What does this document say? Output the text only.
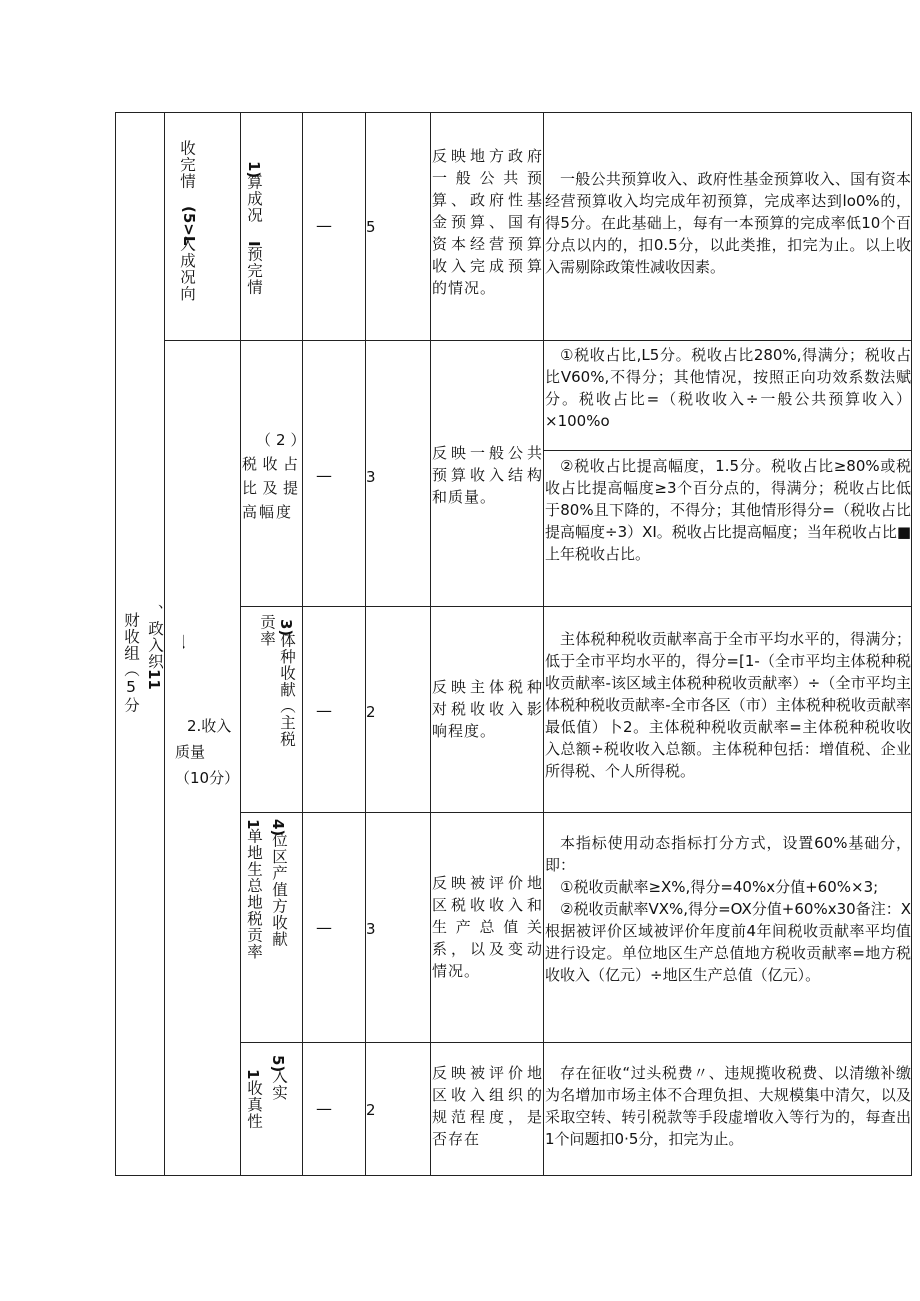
一
财收组（5分 、政入织
11
收完情
(5>L
入成况向
1)
算成况
I
预完情
— 5
反映地方政府一般公共预算、政府性基金预算、国有资本经营预算收入完成预算的情况。
一般公共预算收入、政府性基金预算收入、国有资本经营预算收入均完成年初预算，完成率达到lo0%的，得5分。在此基础上，每有一本预算的完成率低10个百分点以内的，扣0.5分，以此类推，扣完为止。以上收入需剔除政策性减收因素。
2.收入质量（10分）
（2）税收占比及提高幅度
— 3
反映一般公共预算收入结构和质量。
①税收占比,L5分。税收占比280%,得满分；税收占比V60%,不得分；其他情况，按照正向功效系数法赋分。税收占比=（税收收入÷一般公共预算收入）×100%o
②税收占比提高幅度，1.5分。税收占比≥80%或税收占比提高幅度≥3个百分点的，得满分；税收占比低于80%且下降的，不得分；其他情形得分=（税收占比提高幅度÷3）XI。税收占比提高幅度；当年税收占比■上年税收占比。
贡率 3)
体种收献（主税 — 2
反映主体税种对税收收入影响程度。
主体税种税收贡献率高于全市平均水平的，得满分；低于全市平均水平的，得分=[1-（全市平均主体税种税收贡献率-该区域主体税种税收贡献率）÷（全市平均主体税种税收贡献率-全市各区（市）主体税种税收贡献率最低值）卜2。主体税种税收贡献率=主体税种税收收入总额÷税收收入总额。主体税种包括：增值税、企业所得税、个人所得税。
4)
位区产值方收献
1
单地生总地税贡率	— 3
反映被评价地区税收收入和生产总值关系，以及变动情况。
本指标使用动态指标打分方式，设置60%基础分，即：
①税收贡献率≥X%,得分=40%x分值+60%×3;
②税收贡献率VX%,得分=OX分值+60%x30备注：X根据被评价区域被评价年度前4年间税收贡献率平均值进行设定。单位地区生产总值地方税收贡献率=地方税收收入（亿元）÷地区生产总值（亿元）。
5)
入实
1
收真性	— 2
反映被评价地区收入组织的规范程度，是否存在
存在征收“过头税费〃、违规揽收税费、以清缴补缴为名增加市场主体不合理负担、大规模集中清欠，以及采取空转、转引税款等手段虚增收入等行为的，每查出1个问题扣0·5分，扣完为止。
